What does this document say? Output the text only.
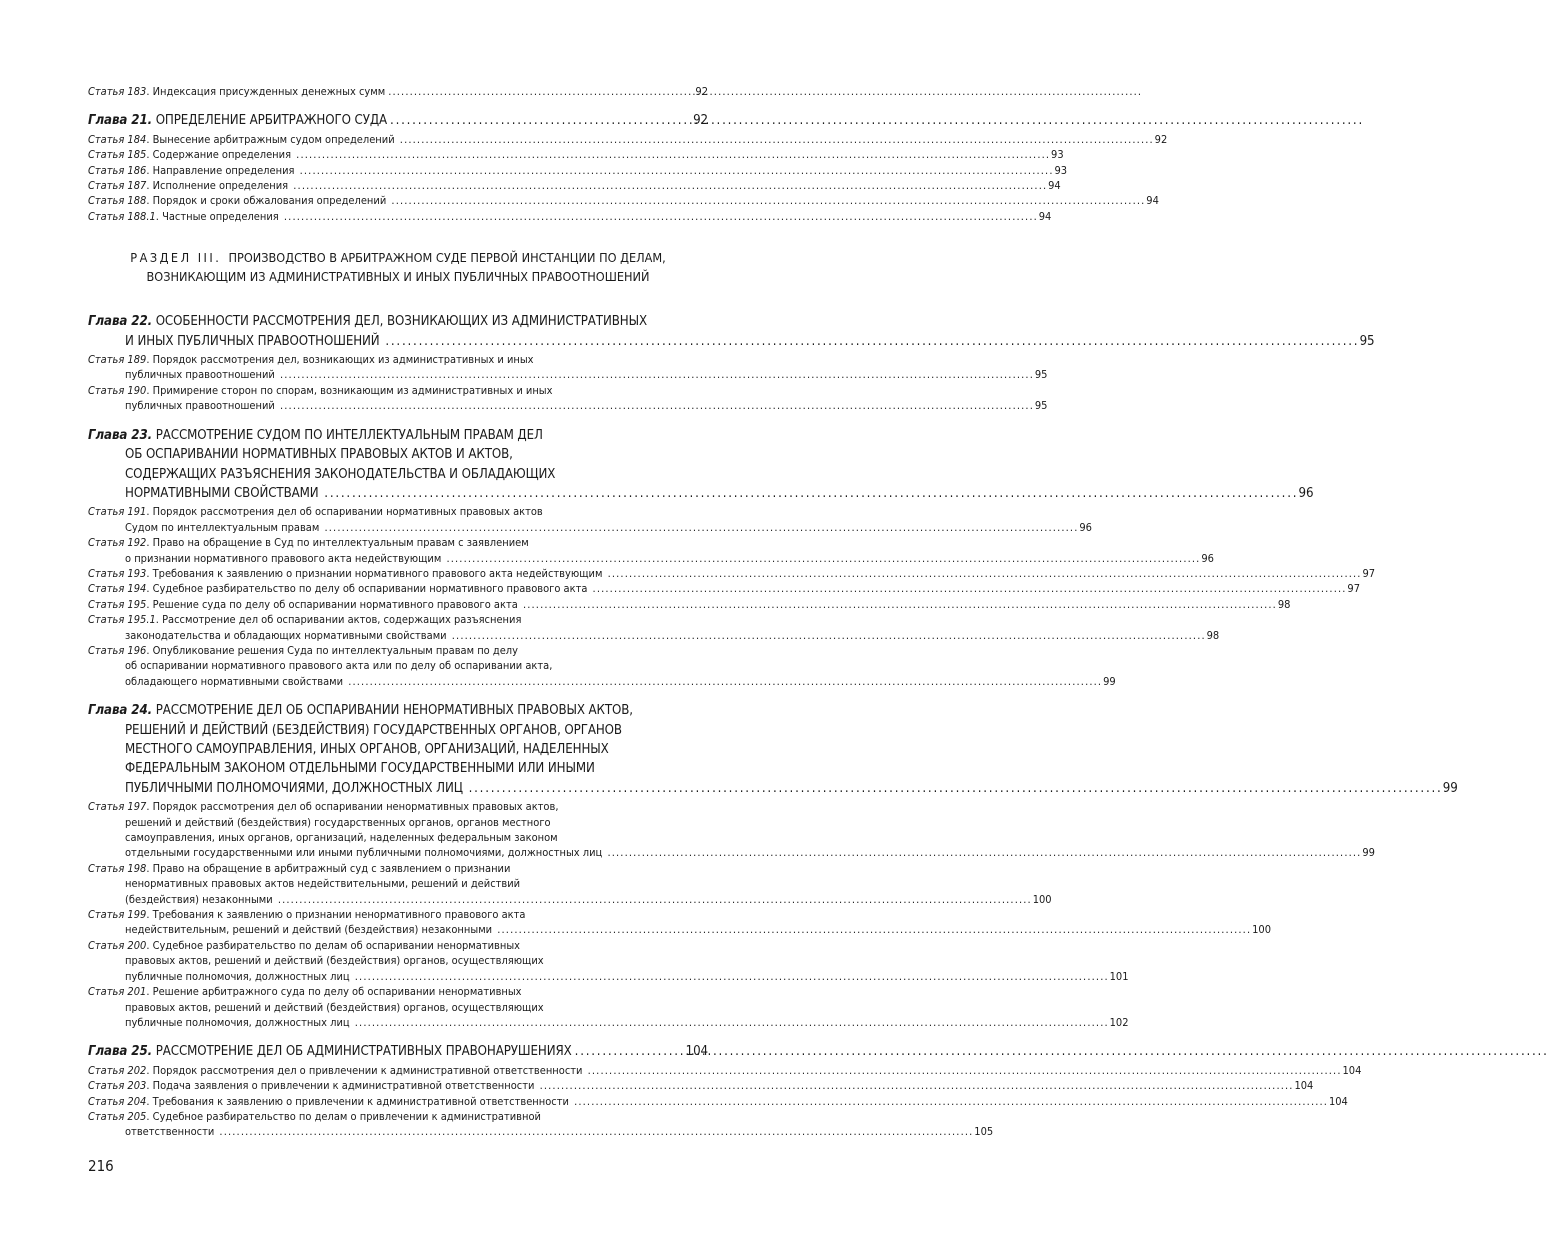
Статья 183. Индексация присужденных денежных сумм . . .	92
Глава 21. ОПРЕДЕЛЕНИЕ АРБИТРАЖНОГО СУДА . . .	92
Статья 184. Вынесение арбитражным судом определений . . .	92
Статья 185. Содержание определения . . .	93
Статья 186. Направление определения . . .	93
Статья 187. Исполнение определения . . .	94
Статья 188. Порядок и сроки обжалования определений . . .	94
Статья 188.1. Частные определения . . .	94
РАЗДЕЛ III. ПРОИЗВОДСТВО В АРБИТРАЖНОМ СУДЕ ПЕРВОЙ ИНСТАНЦИИ ПО ДЕЛАМ,
ВОЗНИКАЮЩИМ ИЗ АДМИНИСТРАТИВНЫХ И ИНЫХ ПУБЛИЧНЫХ ПРАВООТНОШЕНИЙ
Глава 22. ОСОБЕННОСТИ РАССМОТРЕНИЯ ДЕЛ, ВОЗНИКАЮЩИХ ИЗ АДМИНИСТРАТИВНЫХ
И ИНЫХ ПУБЛИЧНЫХ ПРАВООТНОШЕНИЙ . . .	95
Статья 189. Порядок рассмотрения дел, возникающих из административных и иных
публичных правоотношений . . .	95
Статья 190. Примирение сторон по спорам, возникающим из административных и иных
публичных правоотношений . . .	95
Глава 23. РАССМОТРЕНИЕ СУДОМ ПО ИНТЕЛЛЕКТУАЛЬНЫМ ПРАВАМ ДЕЛ
ОБ ОСПАРИВАНИИ НОРМАТИВНЫХ ПРАВОВЫХ АКТОВ И АКТОВ,
СОДЕРЖАЩИХ РАЗЪЯСНЕНИЯ ЗАКОНОДАТЕЛЬСТВА И ОБЛАДАЮЩИХ
НОРМАТИВНЫМИ СВОЙСТВАМИ . . .	96
Статья 191. Порядок рассмотрения дел об оспаривании нормативных правовых актов
Судом по интеллектуальным правам . . .	96
Статья 192. Право на обращение в Суд по интеллектуальным правам с заявлением
о признании нормативного правового акта недействующим . . .	96
Статья 193. Требования к заявлению о признании нормативного правового акта недействующим . . .	97
Статья 194. Судебное разбирательство по делу об оспаривании нормативного правового акта . . .	97
Статья 195. Решение суда по делу об оспаривании нормативного правового акта . . .	98
Статья 195.1. Рассмотрение дел об оспаривании актов, содержащих разъяснения
законодательства и обладающих нормативными свойствами . . .	98
Статья 196. Опубликование решения Суда по интеллектуальным правам по делу
об оспаривании нормативного правового акта или по делу об оспаривании акта,
обладающего нормативными свойствами . . .	99
Глава 24. РАССМОТРЕНИЕ ДЕЛ ОБ ОСПАРИВАНИИ НЕНОРМАТИВНЫХ ПРАВОВЫХ АКТОВ,
РЕШЕНИЙ И ДЕЙСТВИЙ (БЕЗДЕЙСТВИЯ) ГОСУДАРСТВЕННЫХ ОРГАНОВ, ОРГАНОВ
МЕСТНОГО САМОУПРАВЛЕНИЯ, ИНЫХ ОРГАНОВ, ОРГАНИЗАЦИЙ, НАДЕЛЕННЫХ
ФЕДЕРАЛЬНЫМ ЗАКОНОМ ОТДЕЛЬНЫМИ ГОСУДАРСТВЕННЫМИ ИЛИ ИНЫМИ
ПУБЛИЧНЫМИ ПОЛНОМОЧИЯМИ, ДОЛЖНОСТНЫХ ЛИЦ . . .	99
Статья 197. Порядок рассмотрения дел об оспаривании ненормативных правовых актов,
решений и действий (бездействия) государственных органов, органов местного
самоуправления, иных органов, организаций, наделенных федеральным законом
отдельными государственными или иными публичными полномочиями, должностных лиц . . .	99
Статья 198. Право на обращение в арбитражный суд с заявлением о признании
ненормативных правовых актов недействительными, решений и действий
(бездействия) незаконными . . .	100
Статья 199. Требования к заявлению о признании ненормативного правового акта
недействительным, решений и действий (бездействия) незаконными . . .	100
Статья 200. Судебное разбирательство по делам об оспаривании ненормативных
правовых актов, решений и действий (бездействия) органов, осуществляющих
публичные полномочия, должностных лиц . . .	101
Статья 201. Решение арбитражного суда по делу об оспаривании ненормативных
правовых актов, решений и действий (бездействия) органов, осуществляющих
публичные полномочия, должностных лиц . . .	102
Глава 25. РАССМОТРЕНИЕ ДЕЛ ОБ АДМИНИСТРАТИВНЫХ ПРАВОНАРУШЕНИЯХ . . .	104
Статья 202. Порядок рассмотрения дел о привлечении к административной ответственности . . .	104
Статья 203. Подача заявления о привлечении к административной ответственности . . .	104
Статья 204. Требования к заявлению о привлечении к административной ответственности . . .	104
Статья 205. Судебное разбирательство по делам о привлечении к административной
ответственности . . .	105
216
